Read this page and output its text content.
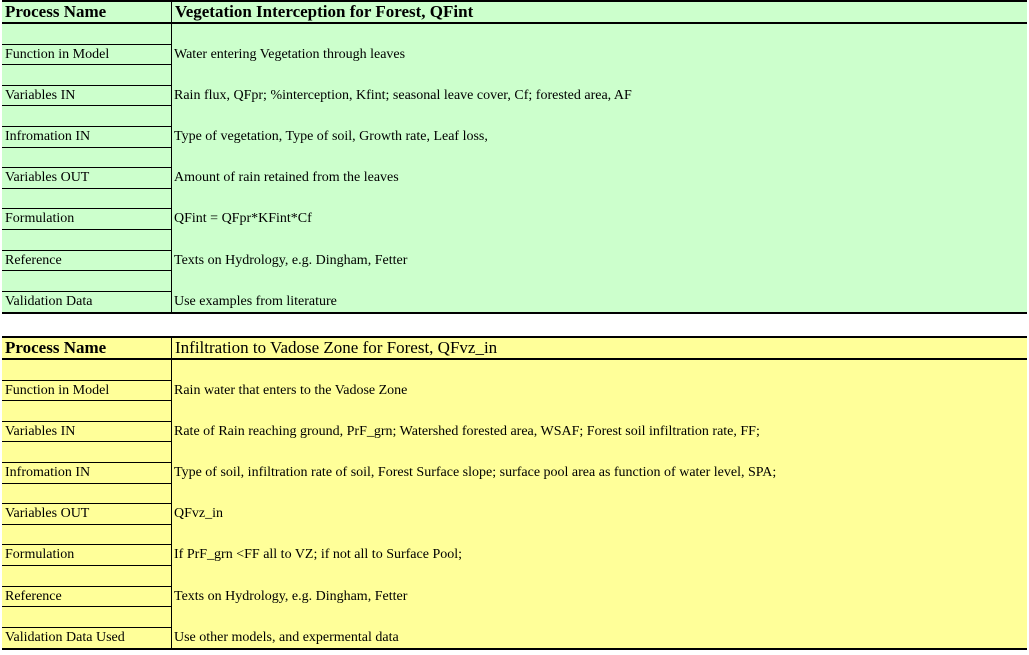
Process Name	Vegetation Interception for Forest, QFint
Function in Model	Water entering Vegetation through leaves
Variables IN	Rain flux, QFpr; %interception, Kfint; seasonal leave cover, Cf; forested area, AF
Infromation IN	Type of vegetation, Type of soil, Growth rate, Leaf loss,
Variables OUT	Amount of rain retained from the leaves
Formulation	QFint = QFpr*KFint*Cf
Reference	Texts on Hydrology, e.g. Dingham, Fetter
Validation Data	Use examples from literature
Process Name	Infiltration to Vadose Zone for Forest, QFvz_in
Function in Model	Rain water that enters to the Vadose Zone
Variables IN	Rate of Rain reaching ground, PrF_grn; Watershed forested area, WSAF; Forest soil infiltration rate, FF;
Infromation IN	Type of soil, infiltration rate of soil, Forest Surface slope; surface pool area as function of water level, SPA;
Variables OUT	QFvz_in
Formulation	If PrF_grn <FF all to VZ; if not all to Surface Pool;
Reference	Texts on Hydrology, e.g. Dingham, Fetter
Validation Data Used	Use other models, and expermental data
